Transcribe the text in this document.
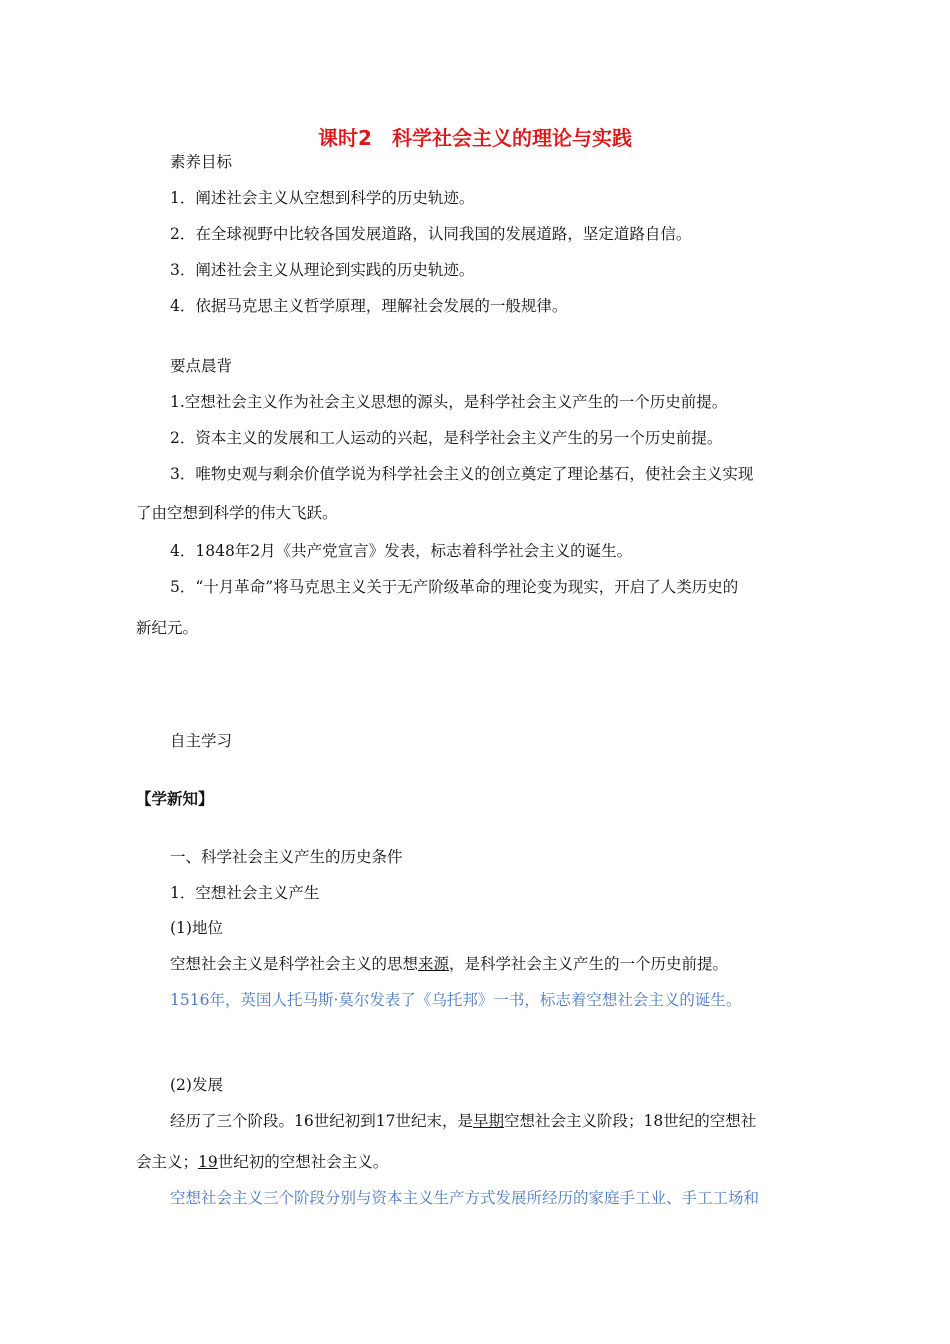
课时2　科学社会主义的理论与实践
素养目标
1．阐述社会主义从空想到科学的历史轨迹。
2．在全球视野中比较各国发展道路，认同我国的发展道路，坚定道路自信。
3．阐述社会主义从理论到实践的历史轨迹。
4．依据马克思主义哲学原理，理解社会发展的一般规律。
要点晨背
1.空想社会主义作为社会主义思想的源头，是科学社会主义产生的一个历史前提。
2．资本主义的发展和工人运动的兴起，是科学社会主义产生的另一个历史前提。
3．唯物史观与剩余价值学说为科学社会主义的创立奠定了理论基石，使社会主义实现
了由空想到科学的伟大飞跃。
4．1848年2月《共产党宣言》发表，标志着科学社会主义的诞生。
5．“十月革命”将马克思主义关于无产阶级革命的理论变为现实，开启了人类历史的
新纪元。
自主学习
【学新知】
一、科学社会主义产生的历史条件
1．空想社会主义产生
(1)地位
空想社会主义是科学社会主义的思想来源，是科学社会主义产生的一个历史前提。
1516年，英国人托马斯·莫尔发表了《乌托邦》一书，标志着空想社会主义的诞生。
(2)发展
经历了三个阶段。16世纪初到17世纪末，是早期空想社会主义阶段；18世纪的空想社
会主义；19世纪初的空想社会主义。
空想社会主义三个阶段分别与资本主义生产方式发展所经历的家庭手工业、手工工场和
